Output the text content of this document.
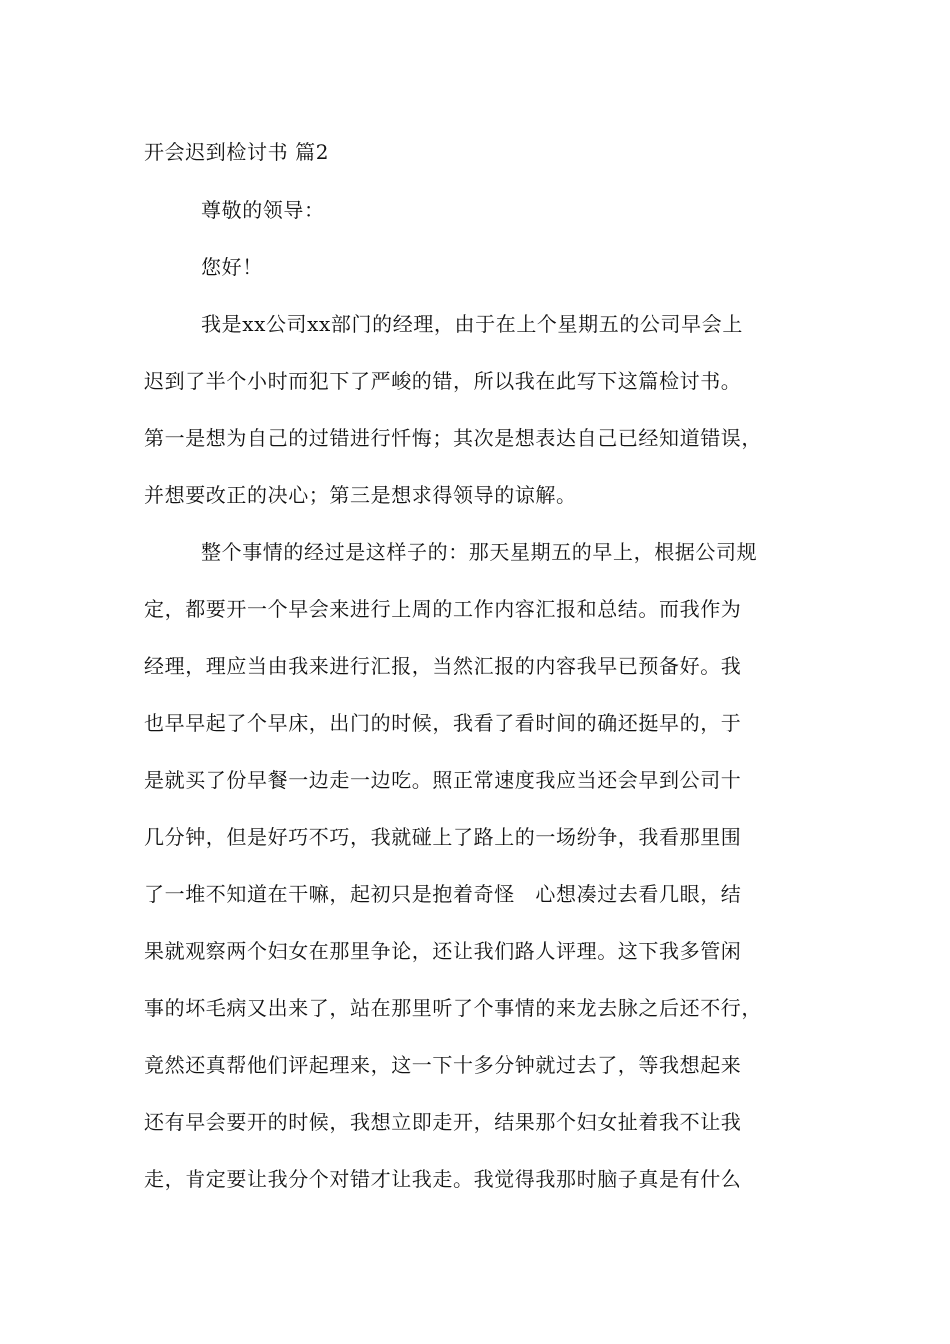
开会迟到检讨书 篇2
尊敬的领导：
您好！
我是xx公司xx部门的经理，由于在上个星期五的公司早会上
迟到了半个小时而犯下了严峻的错，所以我在此写下这篇检讨书。
第一是想为自己的过错进行忏悔；其次是想表达自己已经知道错误，
并想要改正的决心；第三是想求得领导的谅解。
整个事情的经过是这样子的：那天星期五的早上，根据公司规
定，都要开一个早会来进行上周的工作内容汇报和总结。而我作为
经理，理应当由我来进行汇报，当然汇报的内容我早已预备好。我
也早早起了个早床，出门的时候，我看了看时间的确还挺早的，于
是就买了份早餐一边走一边吃。照正常速度我应当还会早到公司十
几分钟，但是好巧不巧，我就碰上了路上的一场纷争，我看那里围
了一堆不知道在干嘛，起初只是抱着奇怪　心想凑过去看几眼，结
果就观察两个妇女在那里争论，还让我们路人评理。这下我多管闲
事的坏毛病又出来了，站在那里听了个事情的来龙去脉之后还不行，
竟然还真帮他们评起理来，这一下十多分钟就过去了，等我想起来
还有早会要开的时候，我想立即走开，结果那个妇女扯着我不让我
走，肯定要让我分个对错才让我走。我觉得我那时脑子真是有什么
